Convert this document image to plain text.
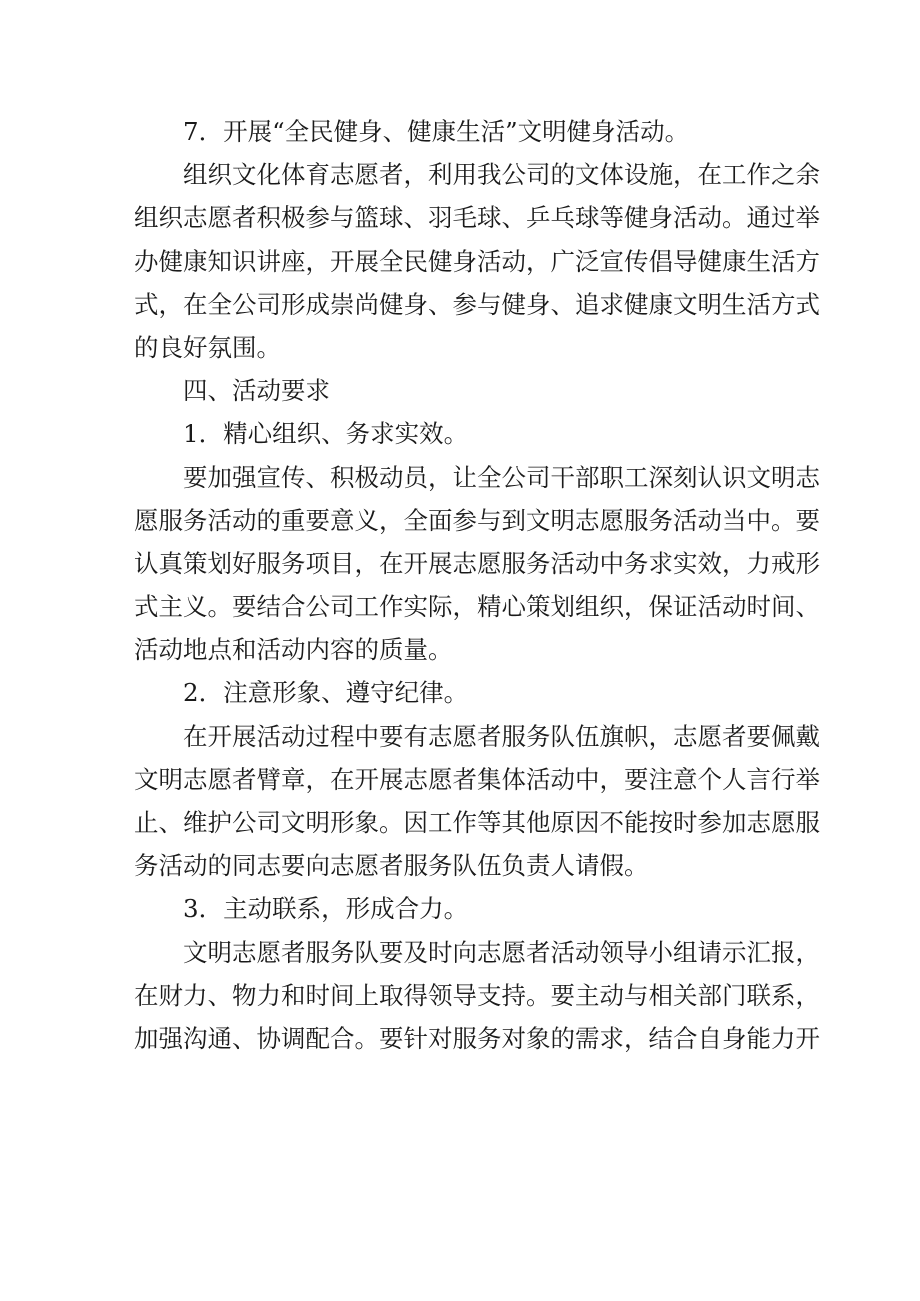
7．开展“全民健身、健康生活”文明健身活动。
组织文化体育志愿者，利用我公司的文体设施，在工作之余
组织志愿者积极参与篮球、羽毛球、乒乓球等健身活动。通过举
办健康知识讲座，开展全民健身活动，广泛宣传倡导健康生活方
式，在全公司形成崇尚健身、参与健身、追求健康文明生活方式
的良好氛围。
四、活动要求
1．精心组织、务求实效。
要加强宣传、积极动员，让全公司干部职工深刻认识文明志
愿服务活动的重要意义，全面参与到文明志愿服务活动当中。要
认真策划好服务项目，在开展志愿服务活动中务求实效，力戒形
式主义。要结合公司工作实际，精心策划组织，保证活动时间、
活动地点和活动内容的质量。
2．注意形象、遵守纪律。
在开展活动过程中要有志愿者服务队伍旗帜，志愿者要佩戴
文明志愿者臂章，在开展志愿者集体活动中，要注意个人言行举
止、维护公司文明形象。因工作等其他原因不能按时参加志愿服
务活动的同志要向志愿者服务队伍负责人请假。
3．主动联系，形成合力。
文明志愿者服务队要及时向志愿者活动领导小组请示汇报，
在财力、物力和时间上取得领导支持。要主动与相关部门联系，
加强沟通、协调配合。要针对服务对象的需求，结合自身能力开
